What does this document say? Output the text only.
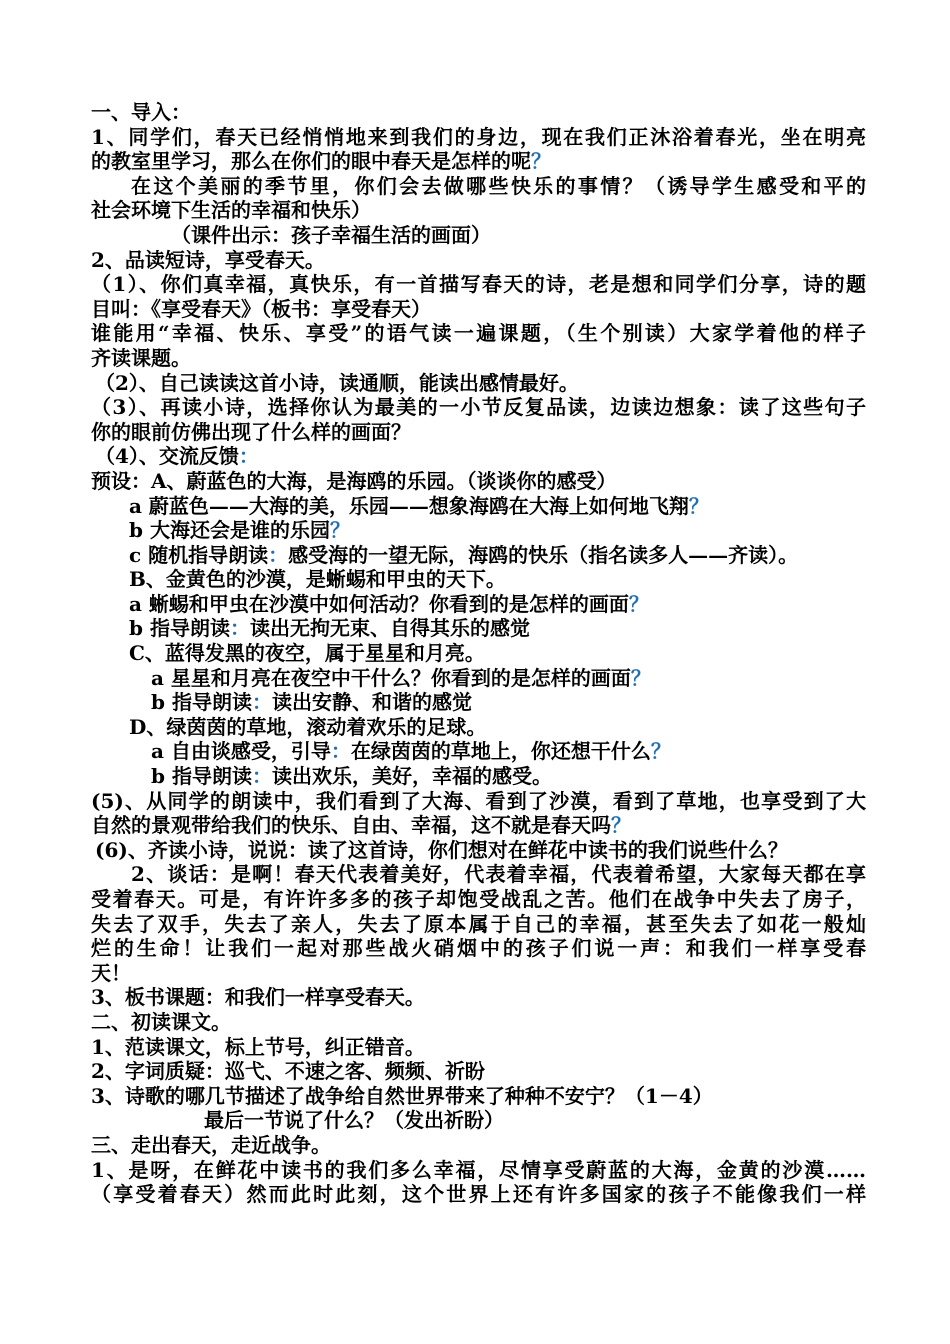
一、导入：
1、同学们，春天已经悄悄地来到我们的身边，现在我们正沐浴着春光，坐在明亮
的教室里学习，那么在你们的眼中春天是怎样的呢？
在这个美丽的季节里，你们会去做哪些快乐的事情？（诱导学生感受和平的
社会环境下生活的幸福和快乐）
（课件出示：孩子幸福生活的画面）
2、品读短诗，享受春天。
（1）、你们真幸福，真快乐，有一首描写春天的诗，老是想和同学们分享，诗的题
目叫：《享受春天》（板书：享受春天）
谁能用“幸福、快乐、享受”的语气读一遍课题，（生个别读）大家学着他的样子
齐读课题。
（2）、自己读读这首小诗，读通顺，能读出感情最好。
（3）、再读小诗，选择你认为最美的一小节反复品读，边读边想象：读了这些句子
你的眼前仿佛出现了什么样的画面？
（4）、交流反馈：
预设：A、蔚蓝色的大海，是海鸥的乐园。（谈谈你的感受）
a 蔚蓝色——大海的美，乐园——想象海鸥在大海上如何地飞翔？
b 大海还会是谁的乐园？
c 随机指导朗读：感受海的一望无际，海鸥的快乐（指名读多人——齐读）。
B、金黄色的沙漠，是蜥蜴和甲虫的天下。
a 蜥蜴和甲虫在沙漠中如何活动？你看到的是怎样的画面？
b 指导朗读：读出无拘无束、自得其乐的感觉
C、蓝得发黑的夜空，属于星星和月亮。
a 星星和月亮在夜空中干什么？你看到的是怎样的画面？
b 指导朗读：读出安静、和谐的感觉
D、绿茵茵的草地，滚动着欢乐的足球。
a 自由谈感受，引导：在绿茵茵的草地上，你还想干什么？
b 指导朗读：读出欢乐，美好，幸福的感受。
(5)、从同学的朗读中，我们看到了大海、看到了沙漠，看到了草地，也享受到了大
自然的景观带给我们的快乐、自由、幸福，这不就是春天吗？
(6)、齐读小诗，说说：读了这首诗，你们想对在鲜花中读书的我们说些什么？
2、谈话：是啊！春天代表着美好，代表着幸福，代表着希望，大家每天都在享
受着春天。可是，有许许多多的孩子却饱受战乱之苦。他们在战争中失去了房子，
失去了双手，失去了亲人，失去了原本属于自己的幸福，甚至失去了如花一般灿
烂的生命！让我们一起对那些战火硝烟中的孩子们说一声：和我们一样享受春
天！
3、板书课题：和我们一样享受春天。
二、初读课文。
1、范读课文，标上节号，纠正错音。
2、字词质疑：巡弋、不速之客、频频、祈盼
3、诗歌的哪几节描述了战争给自然世界带来了种种不安宁？（1－4）
最后一节说了什么？（发出祈盼）
三、走出春天，走近战争。
1、是呀，在鲜花中读书的我们多么幸福，尽情享受蔚蓝的大海，金黄的沙漠……
（享受着春天）然而此时此刻，这个世界上还有许多国家的孩子不能像我们一样
